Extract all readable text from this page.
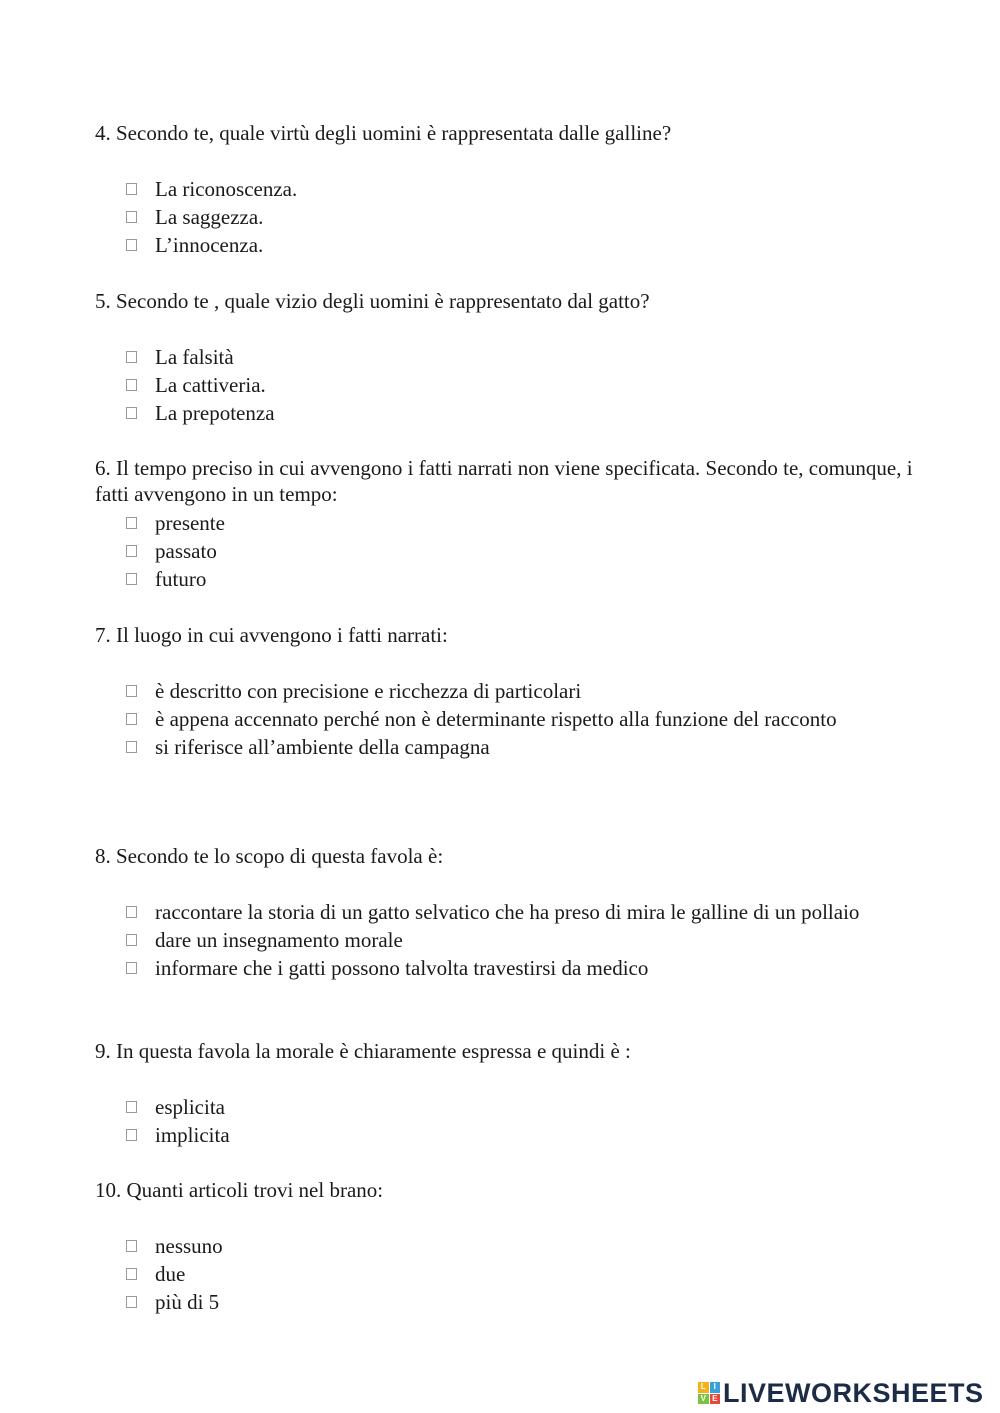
4. Secondo te, quale virtù degli uomini è rappresentata dalle galline?

La riconoscenza.
La saggezza.
L’innocenza.

5. Secondo te , quale vizio degli uomini è rappresentato dal gatto?

La falsità
La cattiveria.
La prepotenza

6. Il tempo preciso in cui avvengono i fatti narrati non viene specificata. Secondo te, comunque, i fatti avvengono in un tempo:

presente
passato
futuro

7. Il luogo in cui avvengono i fatti narrati:

è descritto con precisione e ricchezza di particolari
è appena accennato perché non è determinante rispetto alla funzione del racconto
si riferisce all’ambiente della campagna

8. Secondo te lo scopo di questa favola è:

raccontare la storia di un gatto selvatico che ha preso di mira le galline di un pollaio
dare un insegnamento morale
informare che i gatti possono talvolta travestirsi da medico

9. In questa favola la morale è chiaramente espressa e quindi è :

esplicita
implicita

10. Quanti articoli trovi nel brano:

nessuno
due
più di 5
L I
V E LIVEWORKSHEETS
